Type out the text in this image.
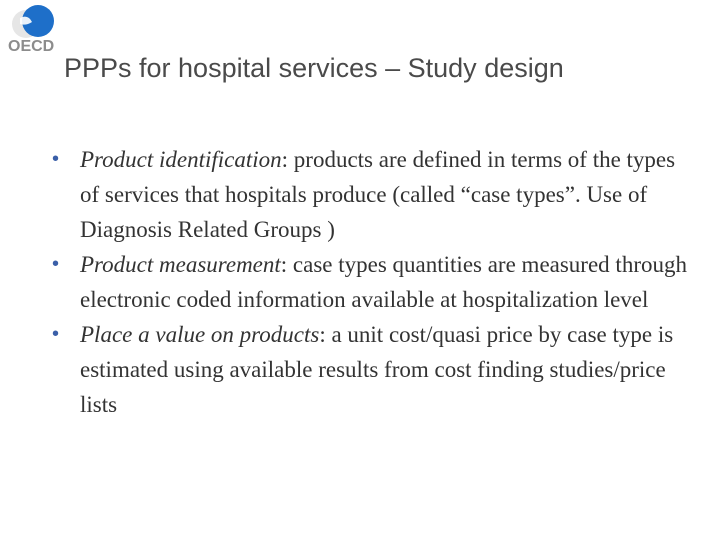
OECD
PPPs for hospital services – Study design
• Product identification: products are defined in terms of the types of services that hospitals produce (called “case types”. Use of Diagnosis Related Groups )
• Product measurement: case types quantities are measured through electronic coded information available at hospitalization level
• Place a value on products: a unit cost/quasi price by case type is estimated using available results from cost finding studies/price lists
